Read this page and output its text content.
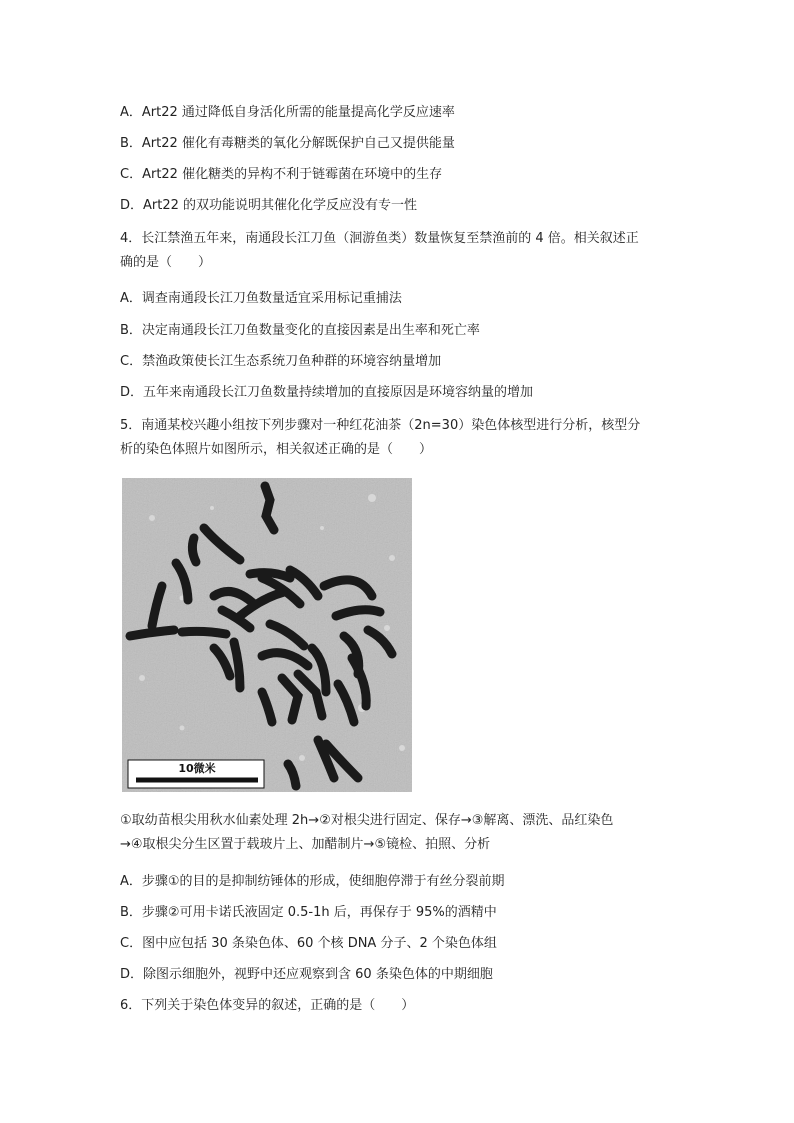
A．Art22 通过降低自身活化所需的能量提高化学反应速率
B．Art22 催化有毒糖类的氧化分解既保护自己又提供能量
C．Art22 催化糖类的异构不利于链霉菌在环境中的生存
D．Art22 的双功能说明其催化化学反应没有专一性
4．长江禁渔五年来，南通段长江刀鱼（洄游鱼类）数量恢复至禁渔前的 4 倍。相关叙述正
确的是（　　）
A．调查南通段长江刀鱼数量适宜采用标记重捕法
B．决定南通段长江刀鱼数量变化的直接因素是出生率和死亡率
C．禁渔政策使长江生态系统刀鱼种群的环境容纳量增加
D．五年来南通段长江刀鱼数量持续增加的直接原因是环境容纳量的增加
5．南通某校兴趣小组按下列步骤对一种红花油茶（2n=30）染色体核型进行分析，核型分
析的染色体照片如图所示，相关叙述正确的是（　　）
10微米
①取幼苗根尖用秋水仙素处理 2h→②对根尖进行固定、保存→③解离、漂洗、品红染色
→④取根尖分生区置于载玻片上、加醋制片→⑤镜检、拍照、分析
A．步骤①的目的是抑制纺锤体的形成，使细胞停滞于有丝分裂前期
B．步骤②可用卡诺氏液固定 0.5-1h 后，再保存于 95%的酒精中
C．图中应包括 30 条染色体、60 个核 DNA 分子、2 个染色体组
D．除图示细胞外，视野中还应观察到含 60 条染色体的中期细胞
6．下列关于染色体变异的叙述，正确的是（　　）
